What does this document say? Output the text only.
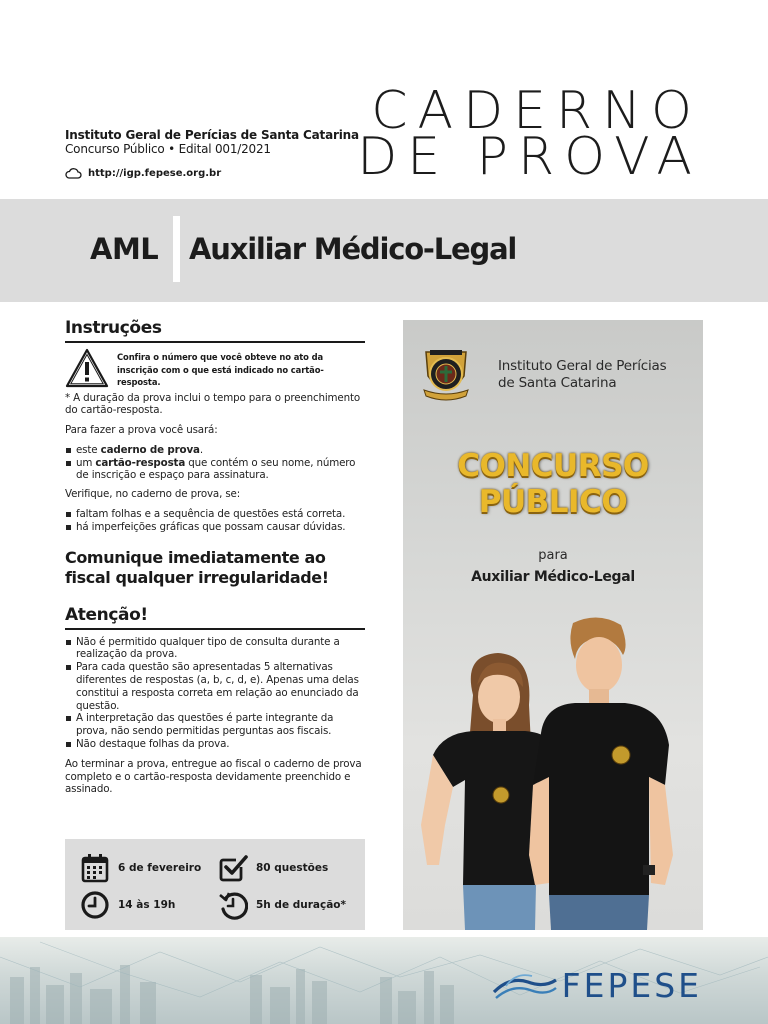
Instituto Geral de Perícias de Santa Catarina
Concurso Público • Edital 001/2021
http://igp.fepese.org.br
CADERNO
DE PROVA
AML Auxiliar Médico-Legal
Instruções
Confira o número que você obteve no ato da inscrição com o que está indicado no cartão-resposta.
* A duração da prova inclui o tempo para o preenchimento do cartão-resposta.
Para fazer a prova você usará:
este caderno de prova.
um cartão-resposta que contém o seu nome, número de inscrição e espaço para assinatura.
Verifique, no caderno de prova, se:
faltam folhas e a sequência de questões está correta.
há imperfeições gráficas que possam causar dúvidas.
Comunique imediatamente ao fiscal qualquer irregularidade!
Atenção!
Não é permitido qualquer tipo de consulta durante a realização da prova.
Para cada questão são apresentadas 5 alternativas diferentes de respostas (a, b, c, d, e). Apenas uma delas constitui a resposta correta em relação ao enunciado da questão.
A interpretação das questões é parte integrante da prova, não sendo permitidas perguntas aos fiscais.
Não destaque folhas da prova.
Ao terminar a prova, entregue ao fiscal o caderno de prova completo e o cartão-resposta devidamente preenchido e assinado.
6 de fevereiro	80 questões
14 às 19h	5h de duração*
Instituto Geral de Perícias
de Santa Catarina
CONCURSO
PÚBLICO
para
Auxiliar Médico-Legal
FEPESE
